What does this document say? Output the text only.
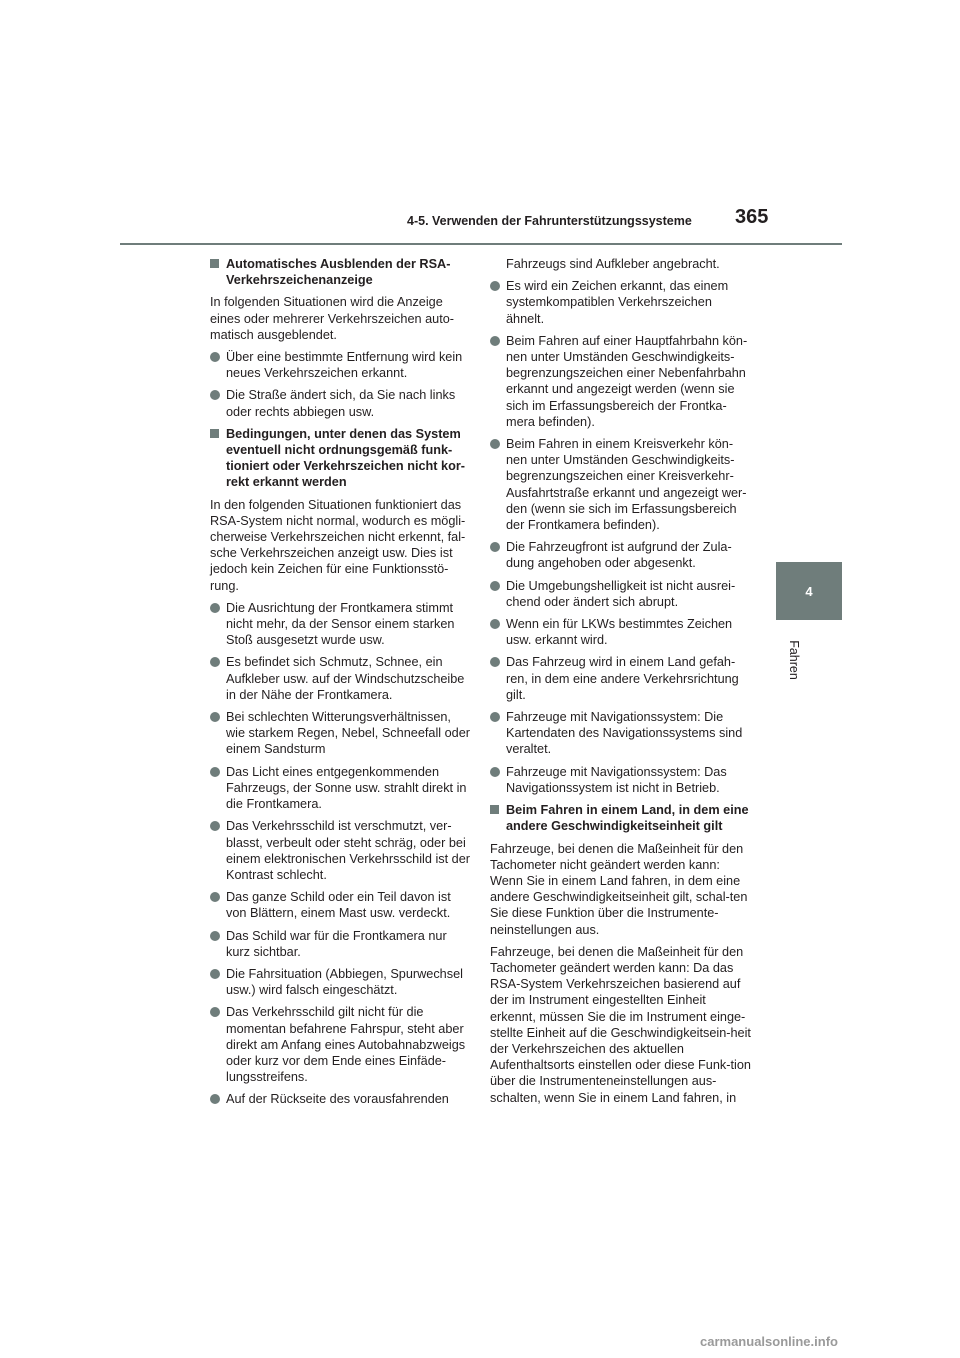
4-5. Verwenden der Fahrunterstützungssysteme 365
4
Fahren
Automatisches Ausblenden der RSA-Verkehrszeichenanzeige

In folgenden Situationen wird die Anzeige eines oder mehrerer Verkehrszeichen auto-matisch ausgeblendet.

Über eine bestimmte Entfernung wird kein neues Verkehrszeichen erkannt.
Die Straße ändert sich, da Sie nach links oder rechts abbiegen usw.
Bedingungen, unter denen das System eventuell nicht ordnungsgemäß funk-tioniert oder Verkehrszeichen nicht kor-rekt erkannt werden

In den folgenden Situationen funktioniert das RSA-System nicht normal, wodurch es mögli-cherweise Verkehrszeichen nicht erkennt, fal-sche Verkehrszeichen anzeigt usw. Dies ist jedoch kein Zeichen für eine Funktionsstö-rung.

Die Ausrichtung der Frontkamera stimmt nicht mehr, da der Sensor einem starken Stoß ausgesetzt wurde usw.
Es befindet sich Schmutz, Schnee, ein Aufkleber usw. auf der Windschutzscheibe in der Nähe der Frontkamera.
Bei schlechten Witterungsverhältnissen, wie starkem Regen, Nebel, Schneefall oder einem Sandsturm
Das Licht eines entgegenkommenden Fahrzeugs, der Sonne usw. strahlt direkt in die Frontkamera.
Das Verkehrsschild ist verschmutzt, ver-blasst, verbeult oder steht schräg, oder bei einem elektronischen Verkehrsschild ist der Kontrast schlecht.
Das ganze Schild oder ein Teil davon ist von Blättern, einem Mast usw. verdeckt.
Das Schild war für die Frontkamera nur kurz sichtbar.
Die Fahrsituation (Abbiegen, Spurwechsel usw.) wird falsch eingeschätzt.
Das Verkehrsschild gilt nicht für die momentan befahrene Fahrspur, steht aber direkt am Anfang eines Autobahnabzweigs oder kurz vor dem Ende eines Einfäde-lungsstreifens.
Auf der Rückseite des vorausfahrenden

Fahrzeugs sind Aufkleber angebracht.

Es wird ein Zeichen erkannt, das einem systemkompatiblen Verkehrszeichen ähnelt.
Beim Fahren auf einer Hauptfahrbahn kön-nen unter Umständen Geschwindigkeits-begrenzungszeichen einer Nebenfahrbahn erkannt und angezeigt werden (wenn sie sich im Erfassungsbereich der Frontka-mera befinden).
Beim Fahren in einem Kreisverkehr kön-nen unter Umständen Geschwindigkeits-begrenzungszeichen einer Kreisverkehr-Ausfahrtstraße erkannt und angezeigt wer-den (wenn sie sich im Erfassungsbereich der Frontkamera befinden).
Die Fahrzeugfront ist aufgrund der Zula-dung angehoben oder abgesenkt.
Die Umgebungshelligkeit ist nicht ausrei-chend oder ändert sich abrupt.
Wenn ein für LKWs bestimmtes Zeichen usw. erkannt wird.
Das Fahrzeug wird in einem Land gefah-ren, in dem eine andere Verkehrsrichtung gilt.
Fahrzeuge mit Navigationssystem: Die Kartendaten des Navigationssystems sind veraltet.
Fahrzeuge mit Navigationssystem: Das Navigationssystem ist nicht in Betrieb.
Beim Fahren in einem Land, in dem eine andere Geschwindigkeitseinheit gilt

Fahrzeuge, bei denen die Maßeinheit für den Tachometer nicht geändert werden kann: Wenn Sie in einem Land fahren, in dem eine andere Geschwindigkeitseinheit gilt, schal-ten Sie diese Funktion über die Instrumente-neinstellungen aus.

Fahrzeuge, bei denen die Maßeinheit für den Tachometer geändert werden kann: Da das RSA-System Verkehrszeichen basierend auf der im Instrument eingestellten Einheit erkennt, müssen Sie die im Instrument einge-stellte Einheit auf die Geschwindigkeitsein-heit der Verkehrszeichen des aktuellen Aufenthaltsorts einstellen oder diese Funk-tion über die Instrumenteneinstellungen aus-schalten, wenn Sie in einem Land fahren, in

carmanualsonline.info
